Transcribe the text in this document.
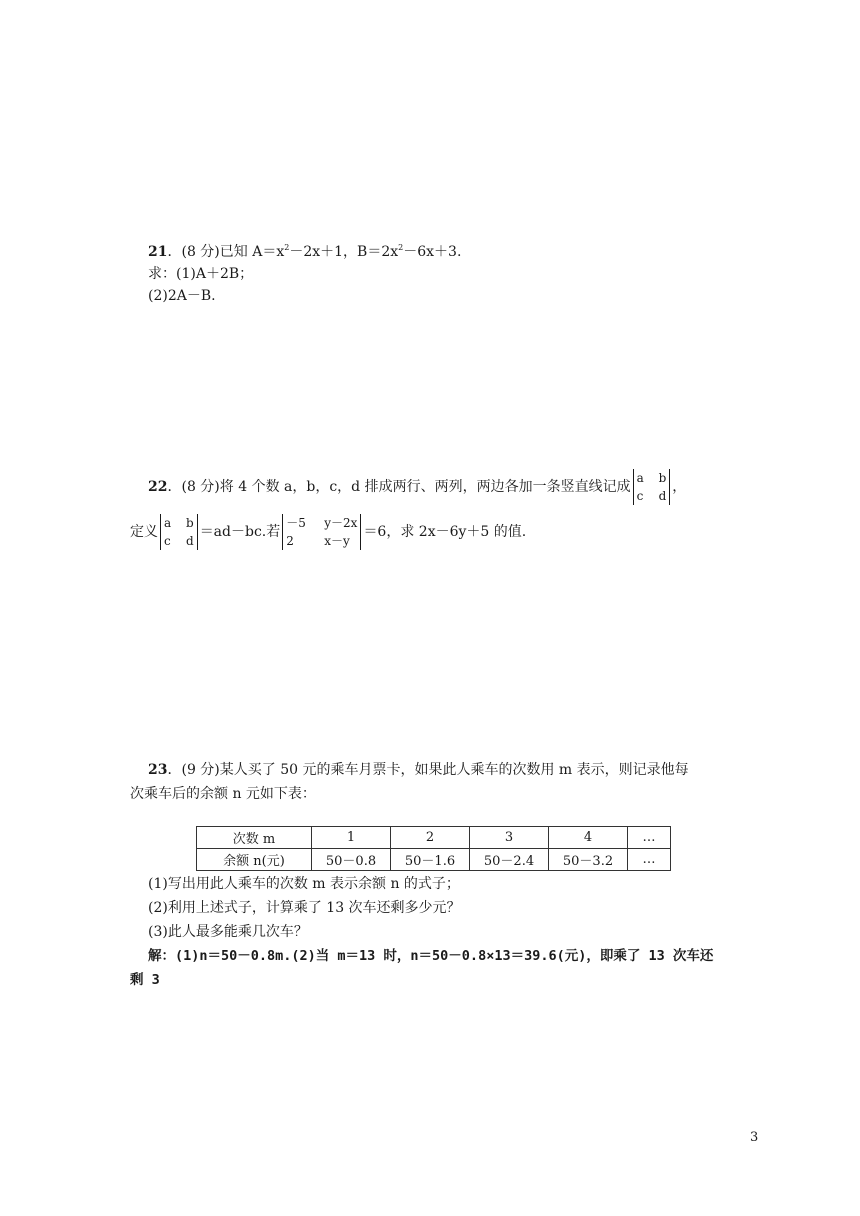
21．(8 分)已知 $A=x^2-2x+1$，$B=2x^2-6x+3$.
求：(1)A＋2B；
(2)2A－B.
22．(8 分)将 4 个数 a，b，c，d 排成两行、两列，两边各加一条竖直线记成
a	b
c	d
，
定义
a	b
c	d
＝ad－bc.若
－5	y－2x
2	x－y
＝6，求 2x－6y＋5 的值.
23．(9 分)某人买了 50 元的乘车月票卡，如果此人乘车的次数用 m 表示，则记录他每
次乘车后的余额 n 元如下表：
次数 m	1	2	3	4	…
余额 n(元)	50－0.8	50－1.6	50－2.4	50－3.2	…
(1)写出用此人乘车的次数 m 表示余额 n 的式子；
(2)利用上述式子，计算乘了 13 次车还剩多少元？
(3)此人最多能乘几次车？
解：(1)n＝50－0.8m.(2)当 m＝13 时，n＝50－0.8×13＝39.6(元)，即乘了 13 次车还
剩 3
3
